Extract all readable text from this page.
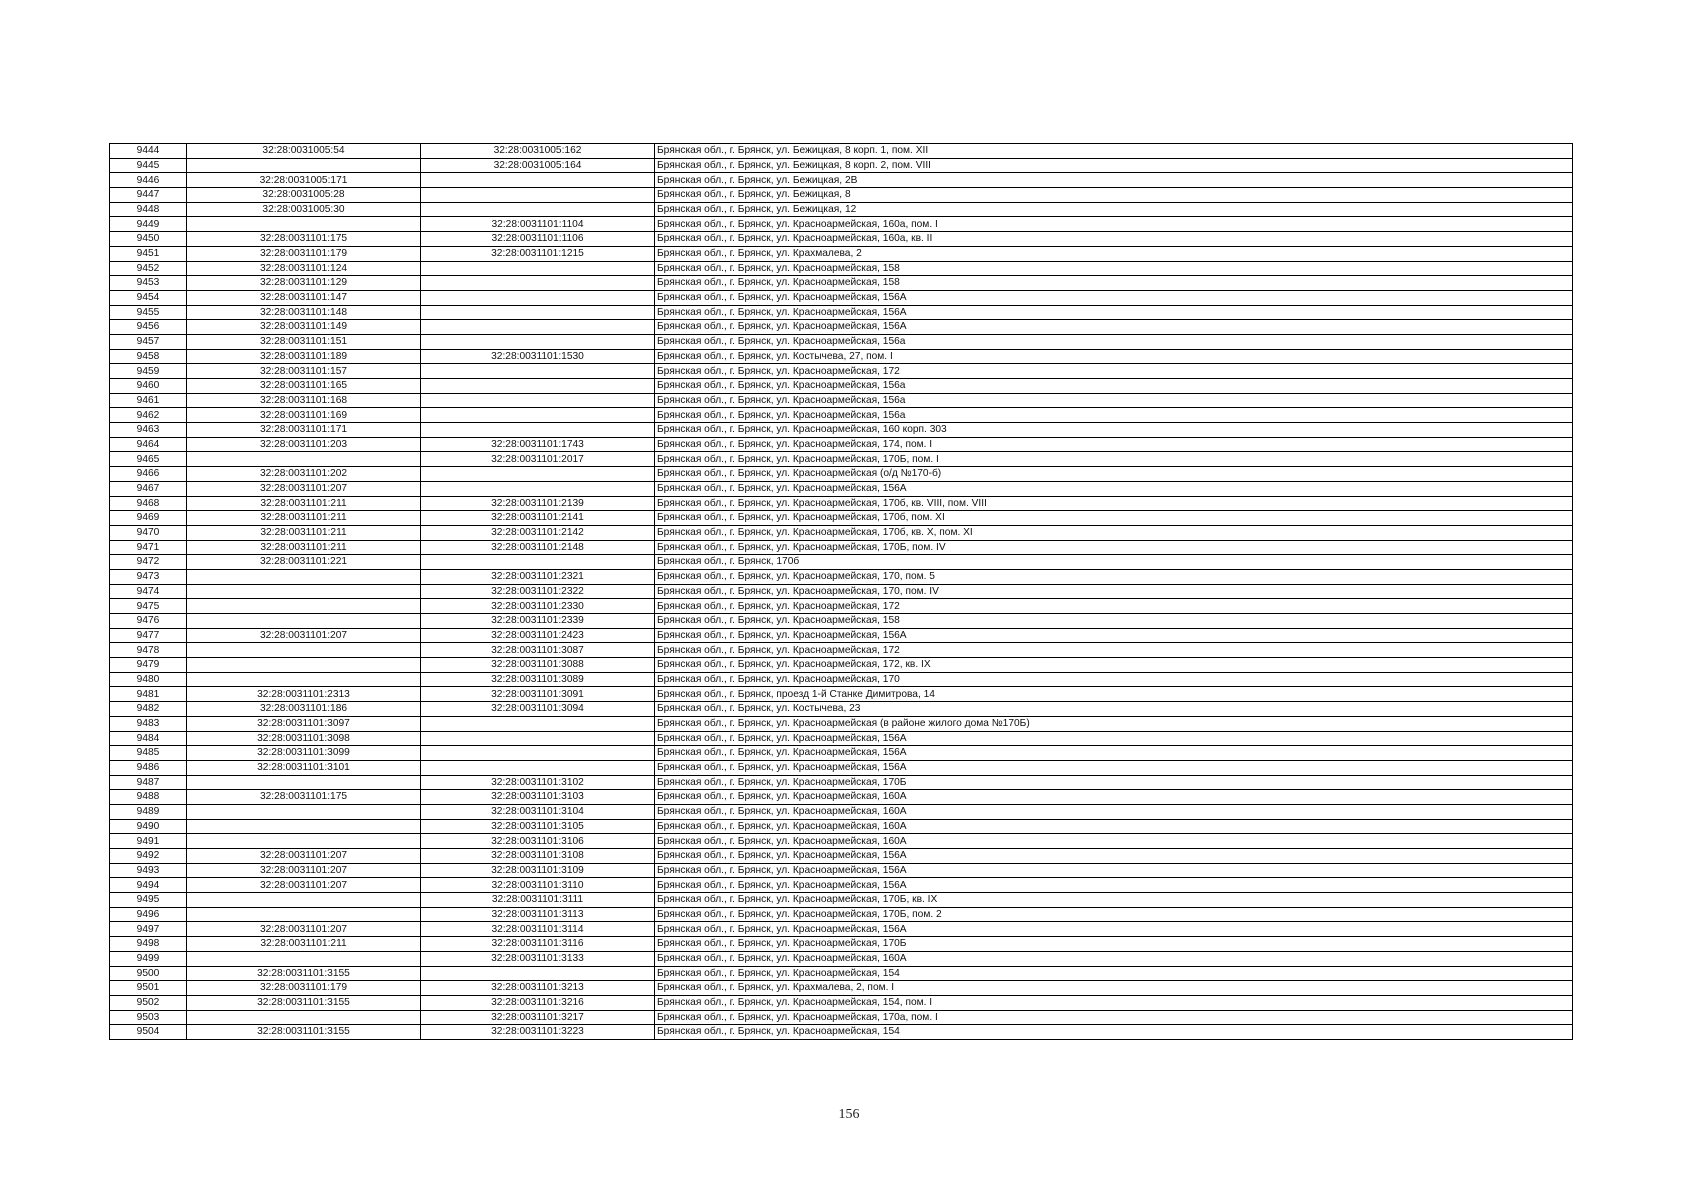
9444	32:28:0031005:54	32:28:0031005:162	Брянская обл., г. Брянск, ул. Бежицкая, 8 корп. 1, пом. XII
9445		32:28:0031005:164	Брянская обл., г. Брянск, ул. Бежицкая, 8 корп. 2, пом. VIII
9446	32:28:0031005:171		Брянская обл., г. Брянск, ул. Бежицкая, 2В
9447	32:28:0031005:28		Брянская обл., г. Брянск, ул. Бежицкая, 8
9448	32:28:0031005:30		Брянская обл., г. Брянск, ул. Бежицкая, 12
9449		32:28:0031101:1104	Брянская обл., г. Брянск, ул. Красноармейская, 160а, пом. I
9450	32:28:0031101:175	32:28:0031101:1106	Брянская обл., г. Брянск, ул. Красноармейская, 160а, кв. II
9451	32:28:0031101:179	32:28:0031101:1215	Брянская обл., г. Брянск, ул. Крахмалева, 2
9452	32:28:0031101:124		Брянская обл., г. Брянск, ул. Красноармейская, 158
9453	32:28:0031101:129		Брянская обл., г. Брянск, ул. Красноармейская, 158
9454	32:28:0031101:147		Брянская обл., г. Брянск, ул. Красноармейская, 156А
9455	32:28:0031101:148		Брянская обл., г. Брянск, ул. Красноармейская, 156А
9456	32:28:0031101:149		Брянская обл., г. Брянск, ул. Красноармейская, 156А
9457	32:28:0031101:151		Брянская обл., г. Брянск, ул. Красноармейская, 156а
9458	32:28:0031101:189	32:28:0031101:1530	Брянская обл., г. Брянск, ул. Костычева, 27, пом. I
9459	32:28:0031101:157		Брянская обл., г. Брянск, ул. Красноармейская, 172
9460	32:28:0031101:165		Брянская обл., г. Брянск, ул. Красноармейская, 156а
9461	32:28:0031101:168		Брянская обл., г. Брянск, ул. Красноармейская, 156а
9462	32:28:0031101:169		Брянская обл., г. Брянск, ул. Красноармейская, 156а
9463	32:28:0031101:171		Брянская обл., г. Брянск, ул. Красноармейская, 160 корп. 303
9464	32:28:0031101:203	32:28:0031101:1743	Брянская обл., г. Брянск, ул. Красноармейская, 174, пом. I
9465		32:28:0031101:2017	Брянская обл., г. Брянск, ул. Красноармейская, 170Б, пом. I
9466	32:28:0031101:202		Брянская обл., г. Брянск, ул. Красноармейская (о/д №170-б)
9467	32:28:0031101:207		Брянская обл., г. Брянск, ул. Красноармейская, 156А
9468	32:28:0031101:211	32:28:0031101:2139	Брянская обл., г. Брянск, ул. Красноармейская, 170б, кв. VIII, пом. VIII
9469	32:28:0031101:211	32:28:0031101:2141	Брянская обл., г. Брянск, ул. Красноармейская, 170б, пом. XI
9470	32:28:0031101:211	32:28:0031101:2142	Брянская обл., г. Брянск, ул. Красноармейская, 170б, кв. X, пом. XI
9471	32:28:0031101:211	32:28:0031101:2148	Брянская обл., г. Брянск, ул. Красноармейская, 170Б, пом. IV
9472	32:28:0031101:221		Брянская обл., г. Брянск, 170б
9473		32:28:0031101:2321	Брянская обл., г. Брянск, ул. Красноармейская, 170, пом. 5
9474		32:28:0031101:2322	Брянская обл., г. Брянск, ул. Красноармейская, 170, пом. IV
9475		32:28:0031101:2330	Брянская обл., г. Брянск, ул. Красноармейская, 172
9476		32:28:0031101:2339	Брянская обл., г. Брянск, ул. Красноармейская, 158
9477	32:28:0031101:207	32:28:0031101:2423	Брянская обл., г. Брянск, ул. Красноармейская, 156А
9478		32:28:0031101:3087	Брянская обл., г. Брянск, ул. Красноармейская, 172
9479		32:28:0031101:3088	Брянская обл., г. Брянск, ул. Красноармейская, 172, кв. IX
9480		32:28:0031101:3089	Брянская обл., г. Брянск, ул. Красноармейская, 170
9481	32:28:0031101:2313	32:28:0031101:3091	Брянская обл., г. Брянск, проезд 1-й Станке Димитрова, 14
9482	32:28:0031101:186	32:28:0031101:3094	Брянская обл., г. Брянск, ул. Костычева, 23
9483	32:28:0031101:3097		Брянская обл., г. Брянск, ул. Красноармейская (в районе жилого дома №170Б)
9484	32:28:0031101:3098		Брянская обл., г. Брянск, ул. Красноармейская, 156А
9485	32:28:0031101:3099		Брянская обл., г. Брянск, ул. Красноармейская, 156А
9486	32:28:0031101:3101		Брянская обл., г. Брянск, ул. Красноармейская, 156А
9487		32:28:0031101:3102	Брянская обл., г. Брянск, ул. Красноармейская, 170Б
9488	32:28:0031101:175	32:28:0031101:3103	Брянская обл., г. Брянск, ул. Красноармейская, 160А
9489		32:28:0031101:3104	Брянская обл., г. Брянск, ул. Красноармейская, 160А
9490		32:28:0031101:3105	Брянская обл., г. Брянск, ул. Красноармейская, 160А
9491		32:28:0031101:3106	Брянская обл., г. Брянск, ул. Красноармейская, 160А
9492	32:28:0031101:207	32:28:0031101:3108	Брянская обл., г. Брянск, ул. Красноармейская, 156А
9493	32:28:0031101:207	32:28:0031101:3109	Брянская обл., г. Брянск, ул. Красноармейская, 156А
9494	32:28:0031101:207	32:28:0031101:3110	Брянская обл., г. Брянск, ул. Красноармейская, 156А
9495		32:28:0031101:3111	Брянская обл., г. Брянск, ул. Красноармейская, 170Б, кв. IX
9496		32:28:0031101:3113	Брянская обл., г. Брянск, ул. Красноармейская, 170Б, пом. 2
9497	32:28:0031101:207	32:28:0031101:3114	Брянская обл., г. Брянск, ул. Красноармейская, 156А
9498	32:28:0031101:211	32:28:0031101:3116	Брянская обл., г. Брянск, ул. Красноармейская, 170Б
9499		32:28:0031101:3133	Брянская обл., г. Брянск, ул. Красноармейская, 160А
9500	32:28:0031101:3155		Брянская обл., г. Брянск, ул. Красноармейская, 154
9501	32:28:0031101:179	32:28:0031101:3213	Брянская обл., г. Брянск, ул. Крахмалева, 2, пом. I
9502	32:28:0031101:3155	32:28:0031101:3216	Брянская обл., г. Брянск, ул. Красноармейская, 154, пом. I
9503		32:28:0031101:3217	Брянская обл., г. Брянск, ул. Красноармейская, 170а, пом. I
9504	32:28:0031101:3155	32:28:0031101:3223	Брянская обл., г. Брянск, ул. Красноармейская, 154
156
